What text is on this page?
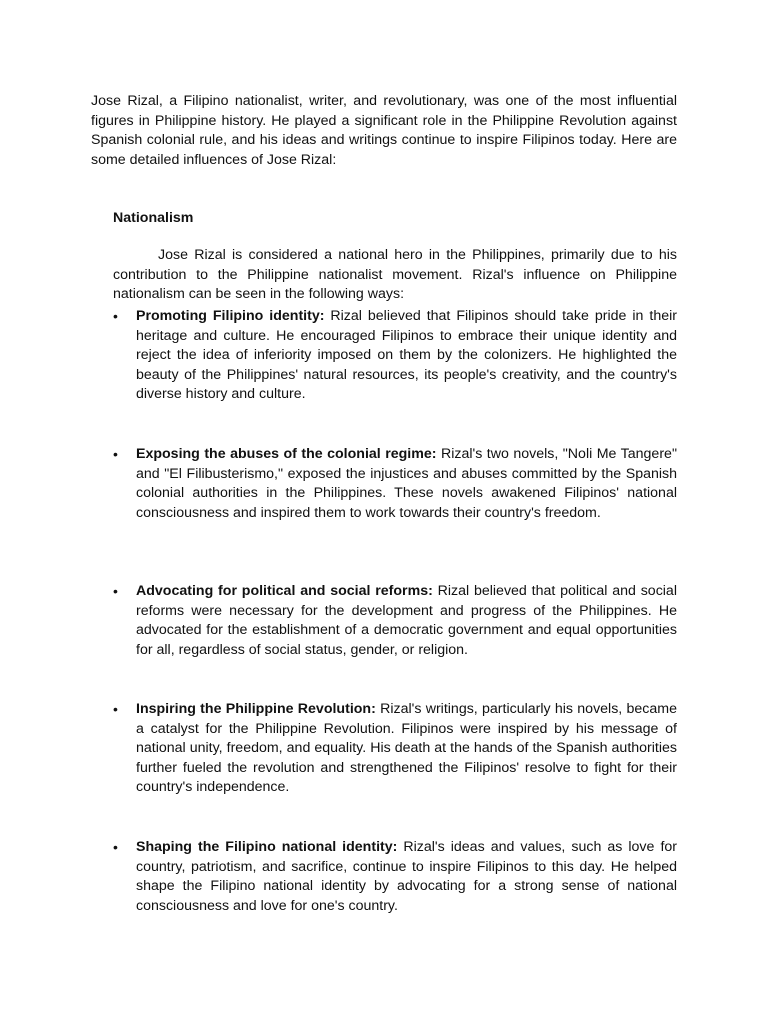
Jose Rizal, a Filipino nationalist, writer, and revolutionary, was one of the most influential figures in Philippine history. He played a significant role in the Philippine Revolution against Spanish colonial rule, and his ideas and writings continue to inspire Filipinos today. Here are some detailed influences of Jose Rizal:

Nationalism

Jose Rizal is considered a national hero in the Philippines, primarily due to his contribution to the Philippine nationalist movement. Rizal's influence on Philippine nationalism can be seen in the following ways:

• Promoting Filipino identity: Rizal believed that Filipinos should take pride in their heritage and culture. He encouraged Filipinos to embrace their unique identity and reject the idea of inferiority imposed on them by the colonizers. He highlighted the beauty of the Philippines' natural resources, its people's creativity, and the country's diverse history and culture.

• Exposing the abuses of the colonial regime: Rizal's two novels, "Noli Me Tangere" and "El Filibusterismo," exposed the injustices and abuses committed by the Spanish colonial authorities in the Philippines. These novels awakened Filipinos' national consciousness and inspired them to work towards their country's freedom.

• Advocating for political and social reforms: Rizal believed that political and social reforms were necessary for the development and progress of the Philippines. He advocated for the establishment of a democratic government and equal opportunities for all, regardless of social status, gender, or religion.

• Inspiring the Philippine Revolution: Rizal's writings, particularly his novels, became a catalyst for the Philippine Revolution. Filipinos were inspired by his message of national unity, freedom, and equality. His death at the hands of the Spanish authorities further fueled the revolution and strengthened the Filipinos' resolve to fight for their country's independence.

• Shaping the Filipino national identity: Rizal's ideas and values, such as love for country, patriotism, and sacrifice, continue to inspire Filipinos to this day. He helped shape the Filipino national identity by advocating for a strong sense of national consciousness and love for one's country.
